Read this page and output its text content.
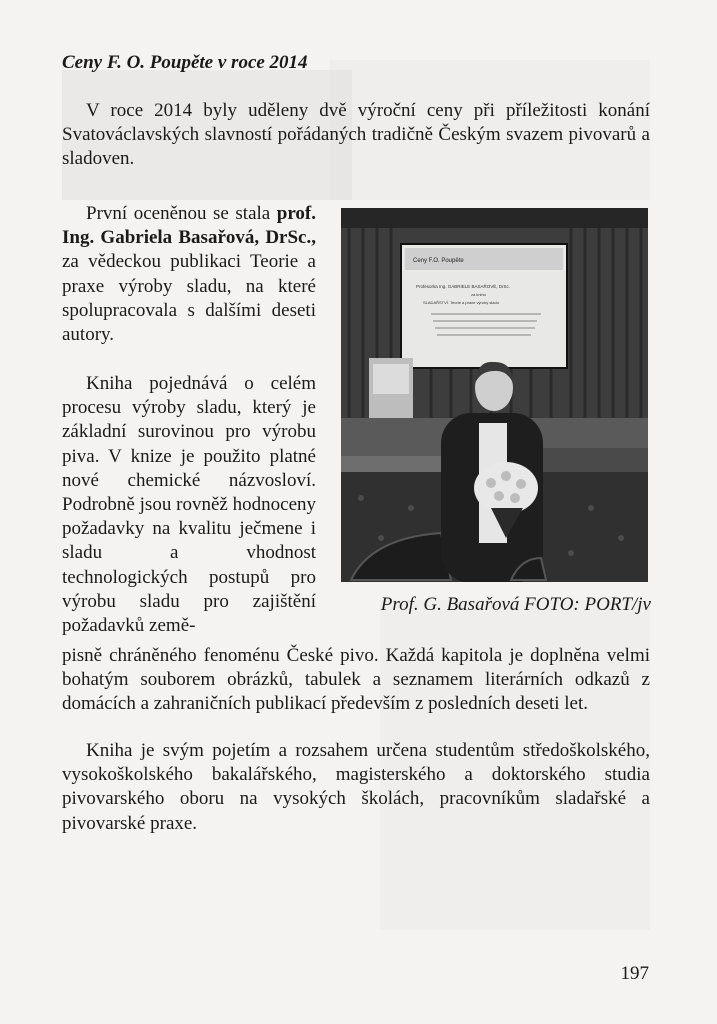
Ceny F. O. Poupěte v roce 2014

V roce 2014 byly uděleny dvě výroční ceny při příležitosti konání Svatováclavských slavností pořádaných tradičně Českým svazem pivovarů a sladoven.

První oceněnou se stala prof. Ing. Gabriela Basařová, DrSc., za vědeckou publikaci Teorie a praxe výroby sladu, na které spolupracovala s dalšími deseti autory.

Kniha pojednává o celém procesu výroby sladu, který je základní surovinou pro výrobu piva. V knize je použito platné nové chemické názvosloví. Podrobně jsou rovněž hodnoceny požadavky na kvalitu ječmene i sladu a vhodnost technologických postupů pro výrobu sladu pro zajištění požadavků země-

Ceny F.O. Poupěte
Profesorka Ing. GABRIELE BASAŘOVÉ, DrSc.
za knihu
SLADAŘSTVÍ. Teorie a praxe výroby sladu
Prof. G. Basařová FOTO: PORT/jv

pisně chráněného fenoménu České pivo. Každá kapitola je doplněna velmi bohatým souborem obrázků, tabulek a seznamem literárních odkazů z domácích a zahraničních publikací především z posledních deseti let.

Kniha je svým pojetím a rozsahem určena studentům středoškolského, vysokoškolského bakalářského, magisterského a doktorského studia pivovarského oboru na vysokých školách, pracovníkům sladařské a pivovarské praxe.

197
